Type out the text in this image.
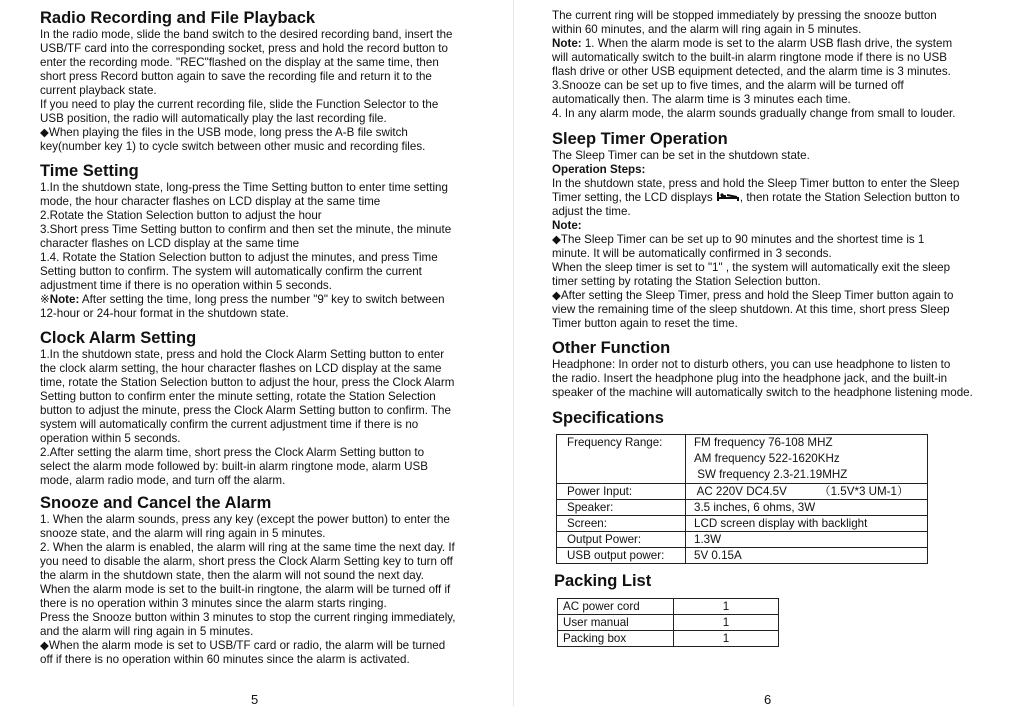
Radio Recording and File Playback
In the radio mode, slide the band switch to the desired recording band, insert the
USB/TF card into the corresponding socket, press and hold the record button to
enter the recording mode. "REC"flashed on the display at the same time, then
short press Record button again to save the recording file and return it to the
current playback state.
If you need to play the current recording file, slide the Function Selector to the
USB position, the radio will automatically play the last recording file.
◆When playing the files in the USB mode, long press the A-B file switch
key(number key 1) to cycle switch between other music and recording files.
Time Setting
1.In the shutdown state, long-press the Time Setting button to enter time setting
mode, the hour character flashes on LCD display at the same time
2.Rotate the Station Selection button to adjust the hour
3.Short press Time Setting button to confirm and then set the minute, the minute
character flashes on LCD display at the same time
1.4. Rotate the Station Selection button to adjust the minutes, and press Time
Setting button to confirm. The system will automatically confirm the current
adjustment time if there is no operation within 5 seconds.
※Note: After setting the time, long press the number "9" key to switch between
12-hour or 24-hour format in the shutdown state.
Clock Alarm Setting
1.In the shutdown state, press and hold the Clock Alarm Setting button to enter
the clock alarm setting, the hour character flashes on LCD display at the same
time, rotate the Station Selection button to adjust the hour, press the Clock Alarm
Setting button to confirm enter the minute setting, rotate the Station Selection
button to adjust the minute, press the Clock Alarm Setting button to confirm. The
system will automatically confirm the current adjustment time if there is no
operation within 5 seconds.
2.After setting the alarm time, short press the Clock Alarm Setting button to
select the alarm mode followed by: built-in alarm ringtone mode, alarm USB
mode, alarm radio mode, and turn off the alarm.
Snooze and Cancel the Alarm
1. When the alarm sounds, press any key (except the power button) to enter the
snooze state, and the alarm will ring again in 5 minutes.
2. When the alarm is enabled, the alarm will ring at the same time the next day. If
you need to disable the alarm, short press the Clock Alarm Setting key to turn off
the alarm in the shutdown state, then the alarm will not sound the next day.
When the alarm mode is set to the built-in ringtone, the alarm will be turned off if
there is no operation within 3 minutes since the alarm starts ringing.
Press the Snooze button within 3 minutes to stop the current ringing immediately,
and the alarm will ring again in 5 minutes.
◆When the alarm mode is set to USB/TF card or radio, the alarm will be turned
off if there is no operation within 60 minutes since the alarm is activated.
5
The current ring will be stopped immediately by pressing the snooze button
within 60 minutes, and the alarm will ring again in 5 minutes.
Note: 1. When the alarm mode is set to the alarm USB flash drive, the system
will automatically switch to the built-in alarm ringtone mode if there is no USB
flash drive or other USB equipment detected, and the alarm time is 3 minutes.
3.Snooze can be set up to five times, and the alarm will be turned off
automatically then. The alarm time is 3 minutes each time.
4. In any alarm mode, the alarm sounds gradually change from small to louder.
Sleep Timer Operation
The Sleep Timer can be set in the shutdown state.
Operation Steps:
In the shutdown state, press and hold the Sleep Timer button to enter the Sleep
Timer setting, the LCD displays , then rotate the Station Selection button to
adjust the time.
Note:
◆The Sleep Timer can be set up to 90 minutes and the shortest time is 1
minute. It will be automatically confirmed in 3 seconds.
When the sleep timer is set to "1" , the system will automatically exit the sleep
timer setting by rotating the Station Selection button.
◆After setting the Sleep Timer, press and hold the Sleep Timer button again to
view the remaining time of the sleep shutdown. At this time, short press Sleep
Timer button again to reset the time.
Other Function
Headphone: In order not to disturb others, you can use headphone to listen to
the radio. Insert the headphone plug into the headphone jack, and the built-in
speaker of the machine will automatically switch to the headphone listening mode.
Specifications
Frequency Range:	FM frequency 76-108 MHZ
AM frequency 522-1620KHz
SW frequency 2.3-21.19MHZ

Power Input:	AC 220V DC4.5V          （1.5V*3 UM-1）

Speaker:	3.5 inches, 6 ohms, 3W

Screen:	LCD screen display with backlight

Output Power:	1.3W

USB output power:	5V 0.15A
Packing List
AC power cord	1
User manual	1
Packing box	1
6
